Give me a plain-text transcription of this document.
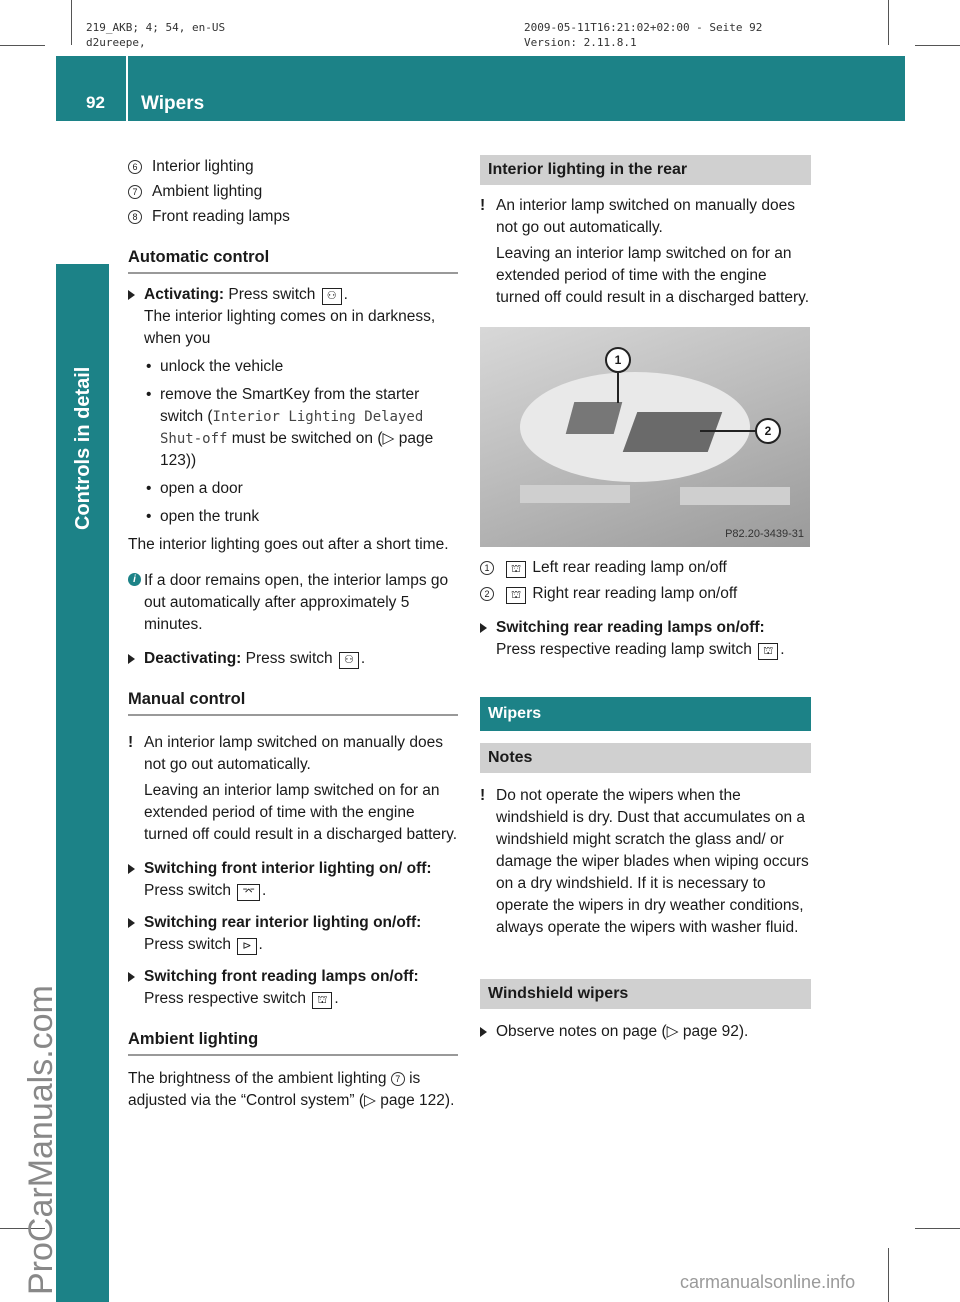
219_AKB; 4; 54, en-US
d2ureepe,
2009-05-11T16:21:02+02:00 - Seite 92
Version: 2.11.8.1
92 Wipers
ProCarManuals.com

6 Interior lighting

7 Ambient lighting

8 Front reading lamps

Automatic control
Activating: Press switch ⚇ .
The interior lighting comes on in darkness, when you
• unlock the vehicle
• remove the SmartKey from the starter switch (Interior Lighting Delayed Shut-off must be switched on (▷ page 123))
• open a door
• open the trunk

The interior lighting goes out after a short time.

i If a door remains open, the interior lamps go out automatically after approximately 5 minutes.
Deactivating: Press switch ⚇ .
Manual control
! An interior lamp switched on manually does not go out automatically.
Leaving an interior lamp switched on for an extended period of time with the engine turned off could result in a discharged battery.
Switching front interior lighting on/ off: Press switch ⌤ .
Switching rear interior lighting on/off:
Press switch ⊳ .
Switching front reading lamps on/off:
Press respective switch ⛫ .
Ambient lighting

The brightness of the ambient lighting 7 is adjusted via the “Control system” (▷ page 122).

Interior lighting in the rear
! An interior lamp switched on manually does not go out automatically.
Leaving an interior lamp switched on for an extended period of time with the engine turned off could result in a discharged battery.
1
2
P82.20-3439-31

1 ⛫ Left rear reading lamp on/off

2 ⛫ Right rear reading lamp on/off

Switching rear reading lamps on/off:
Press respective reading lamp switch ⛫ .
Wipers
Notes
! Do not operate the wipers when the windshield is dry. Dust that accumulates on a windshield might scratch the glass and/ or damage the wiper blades when wiping occurs on a dry windshield. If it is necessary to operate the wipers in dry weather conditions, always operate the wipers with washer fluid.
Windshield wipers
Observe notes on page (▷ page 92).
carmanualsonline.info
